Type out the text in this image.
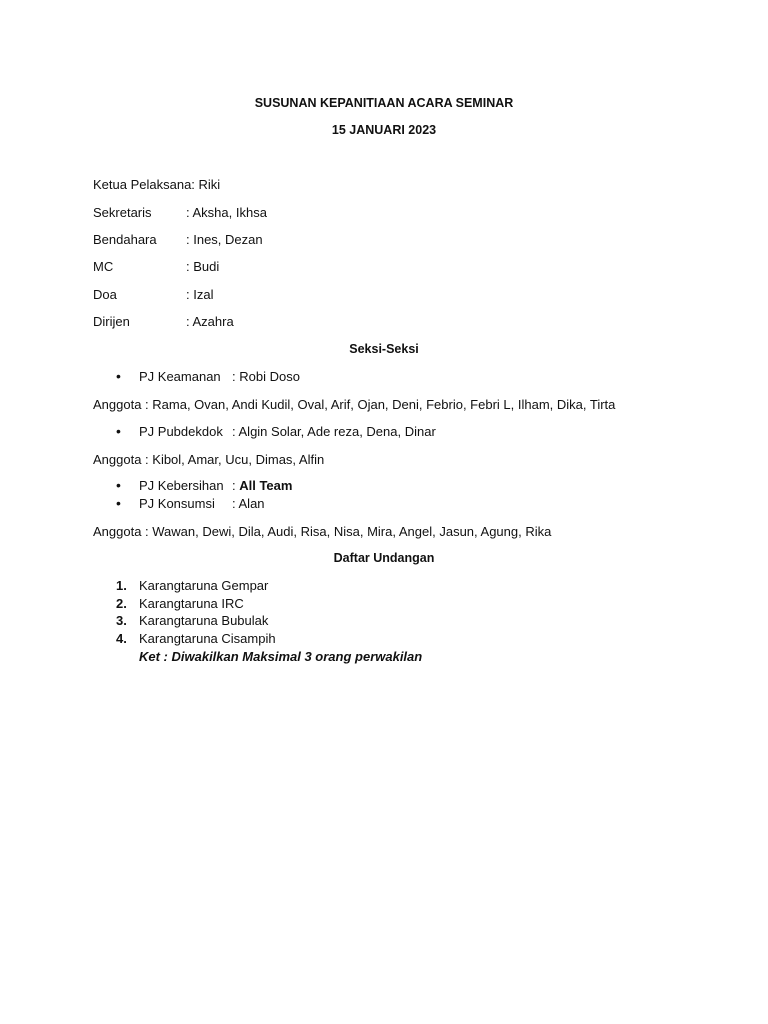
SUSUNAN KEPANITIAAN ACARA SEMINAR
15 JANUARI 2023
Ketua Pelaksana: Riki
Sekretaris	: Aksha, Ikhsa
Bendahara : Ines, Dezan
MC	: Budi
Doa	: Izal
Dirijen	: Azahra
Seksi-Seksi
• PJ Keamanan : Robi Doso
Anggota : Rama, Ovan, Andi Kudil, Oval, Arif, Ojan, Deni, Febrio, Febri L, Ilham, Dika, Tirta
• PJ Pubdekdok : Algin Solar, Ade reza, Dena, Dinar
Anggota : Kibol, Amar, Ucu, Dimas, Alfin
• PJ Kebersihan : All Team
• PJ Konsumsi : Alan
Anggota : Wawan, Dewi, Dila, Audi, Risa, Nisa, Mira, Angel, Jasun, Agung, Rika
Daftar Undangan
1. Karangtaruna Gempar
2. Karangtaruna IRC
3. Karangtaruna Bubulak
4. Karangtaruna Cisampih
Ket : Diwakilkan Maksimal 3 orang perwakilan
